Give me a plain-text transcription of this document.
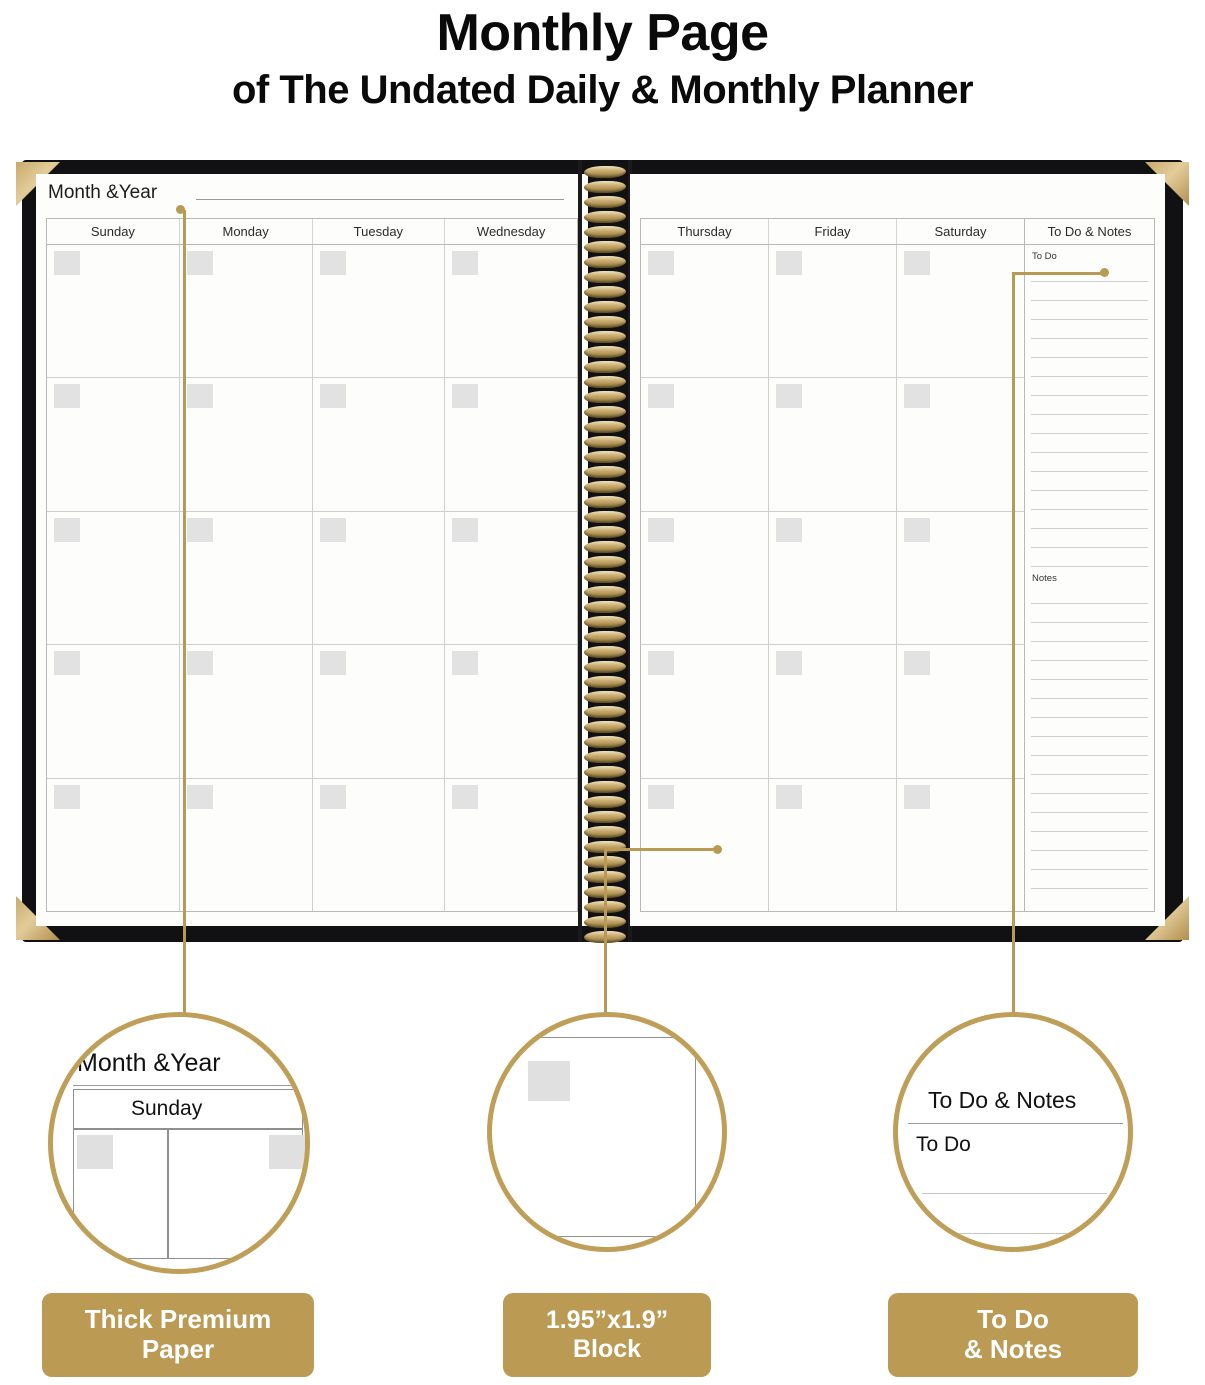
Monthly Page
of The Undated Daily & Monthly Planner
Month &Year
Sunday	Monday	Tuesday	Wednesday	Thursday	Friday	Saturday	To Do & Notes
To Do
Notes
Month &Year
Sunday
Thick Premium
Paper
1.95”x1.9”
Block
To Do & Notes
To Do
To Do
& Notes
